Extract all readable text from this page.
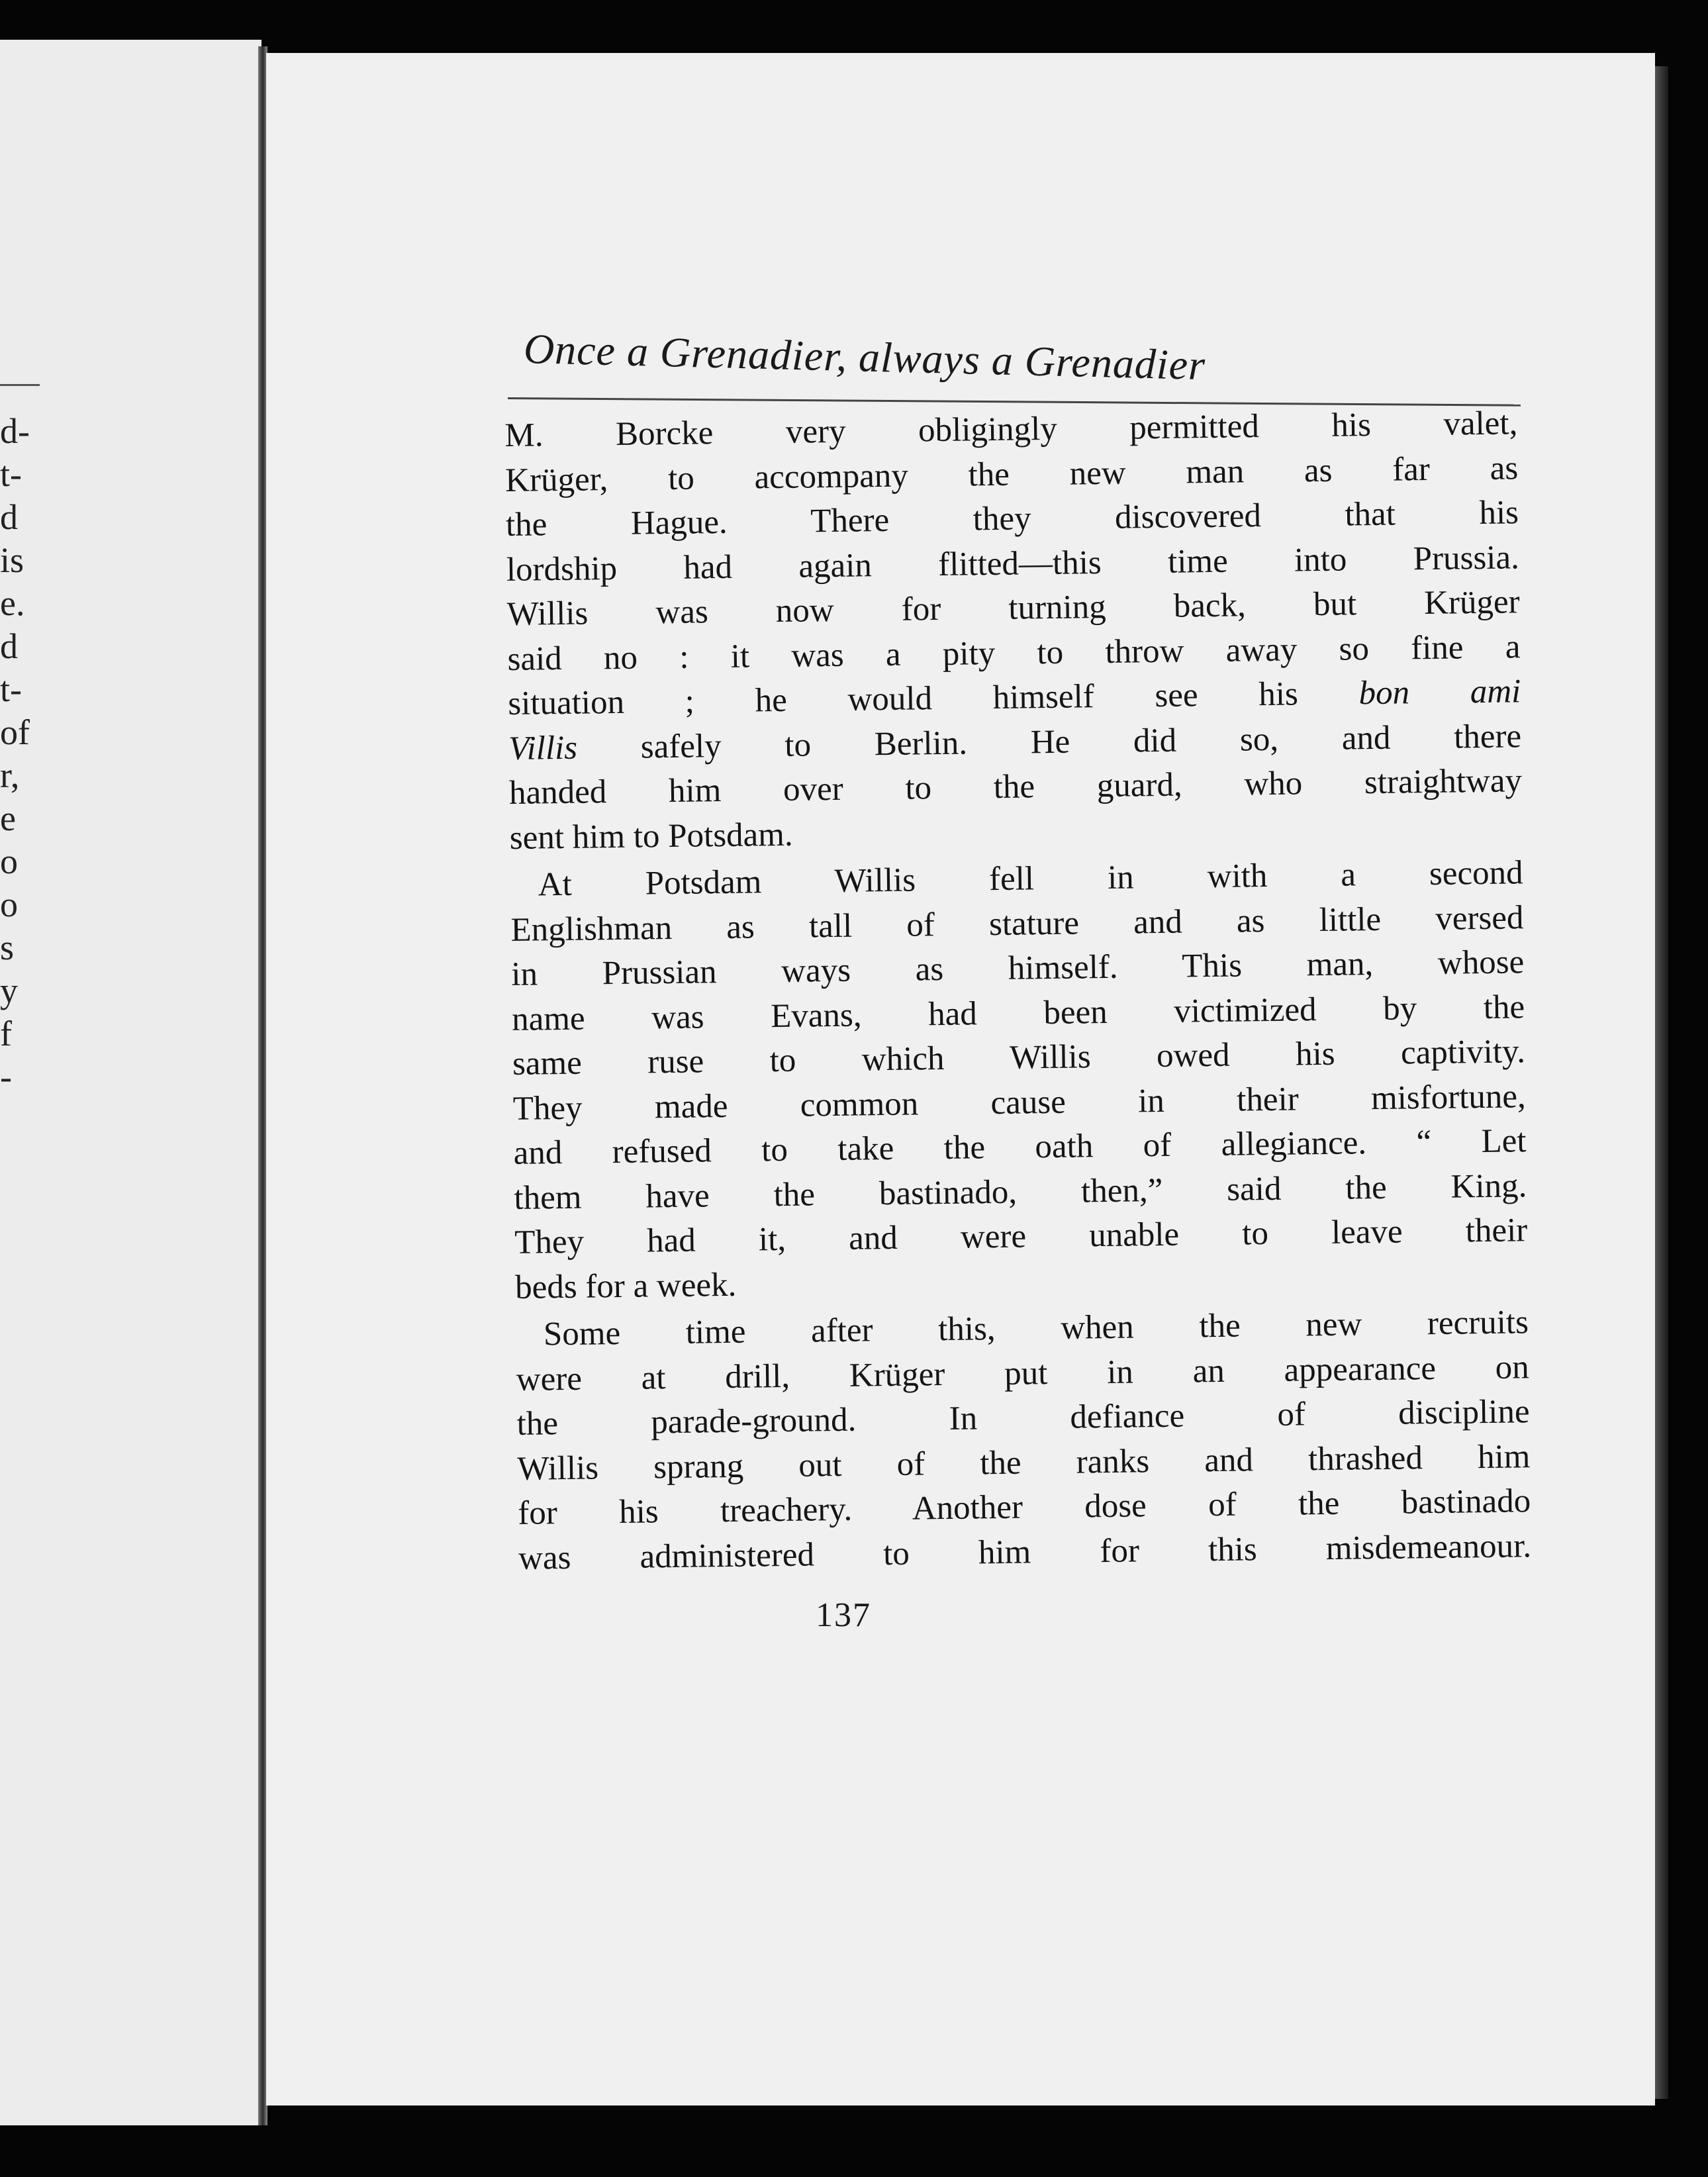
d-
t-
d
is
e.
d
t-
of
r,
e
o
o
s
y
f
-
Once a Grenadier, always a Grenadier
M. Borcke very obligingly permitted his valet,
Krüger, to accompany the new man as far as
the Hague. There they discovered that his
lordship had again flitted—this time into Prussia.
Willis was now for turning back, but Krüger
said no : it was a pity to throw away so fine a
situation ; he would himself see his bon ami
Villis safely to Berlin. He did so, and there
handed him over to the guard, who straightway
sent him to Potsdam.
At Potsdam Willis fell in with a second
Englishman as tall of stature and as little versed
in Prussian ways as himself. This man, whose
name was Evans, had been victimized by the
same ruse to which Willis owed his captivity.
They made common cause in their misfortune,
and refused to take the oath of allegiance. “ Let
them have the bastinado, then,” said the King.
They had it, and were unable to leave their
beds for a week.
Some time after this, when the new recruits
were at drill, Krüger put in an appearance on
the parade-ground. In defiance of discipline
Willis sprang out of the ranks and thrashed him
for his treachery. Another dose of the bastinado
was administered to him for this misdemeanour.
137
